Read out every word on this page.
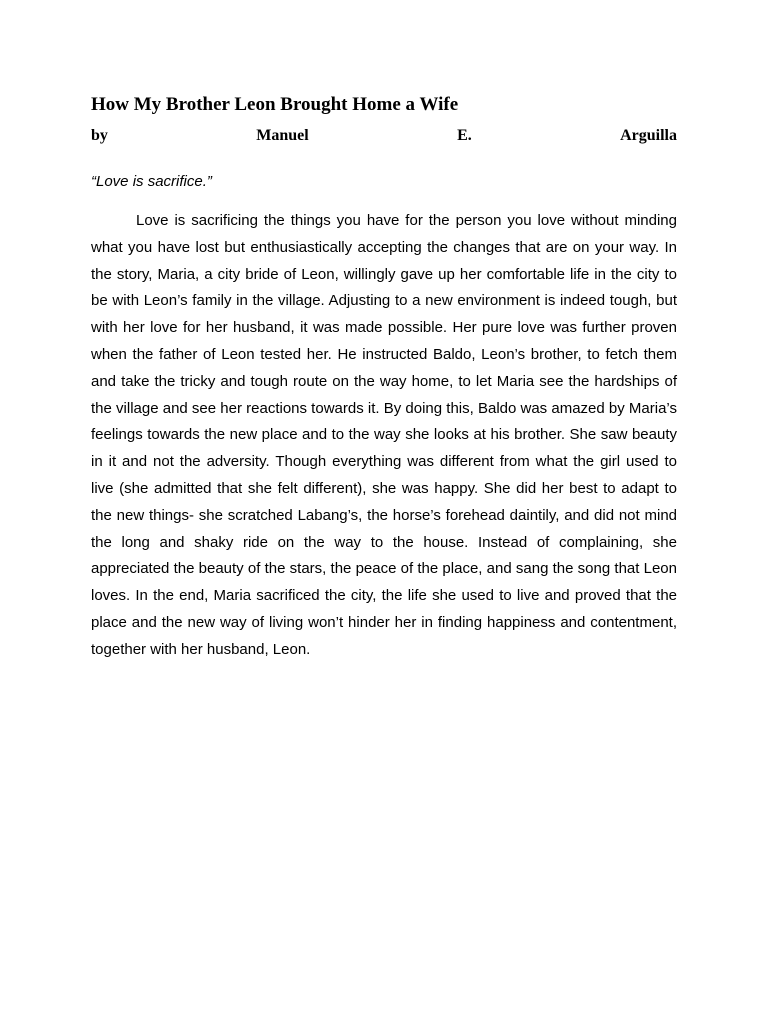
How My Brother Leon Brought Home a Wife
by	Manuel	E.	Arguilla
“Love is sacrifice.”

Love is sacrificing the things you have for the person you love without minding what you have lost but enthusiastically accepting the changes that are on your way. In the story, Maria, a city bride of Leon, willingly gave up her comfortable life in the city to be with Leon’s family in the village. Adjusting to a new environment is indeed tough, but with her love for her husband, it was made possible. Her pure love was further proven when the father of Leon tested her. He instructed Baldo, Leon’s brother, to fetch them and take the tricky and tough route on the way home, to let Maria see the hardships of the village and see her reactions towards it. By doing this, Baldo was amazed by Maria’s feelings towards the new place and to the way she looks at his brother. She saw beauty in it and not the adversity. Though everything was different from what the girl used to live (she admitted that she felt different), she was happy. She did her best to adapt to the new things- she scratched Labang’s, the horse’s forehead daintily, and did not mind the long and shaky ride on the way to the house. Instead of complaining, she appreciated the beauty of the stars, the peace of the place, and sang the song that Leon loves. In the end, Maria sacrificed the city, the life she used to live and proved that the place and the new way of living won’t hinder her in finding happiness and contentment, together with her husband, Leon.
